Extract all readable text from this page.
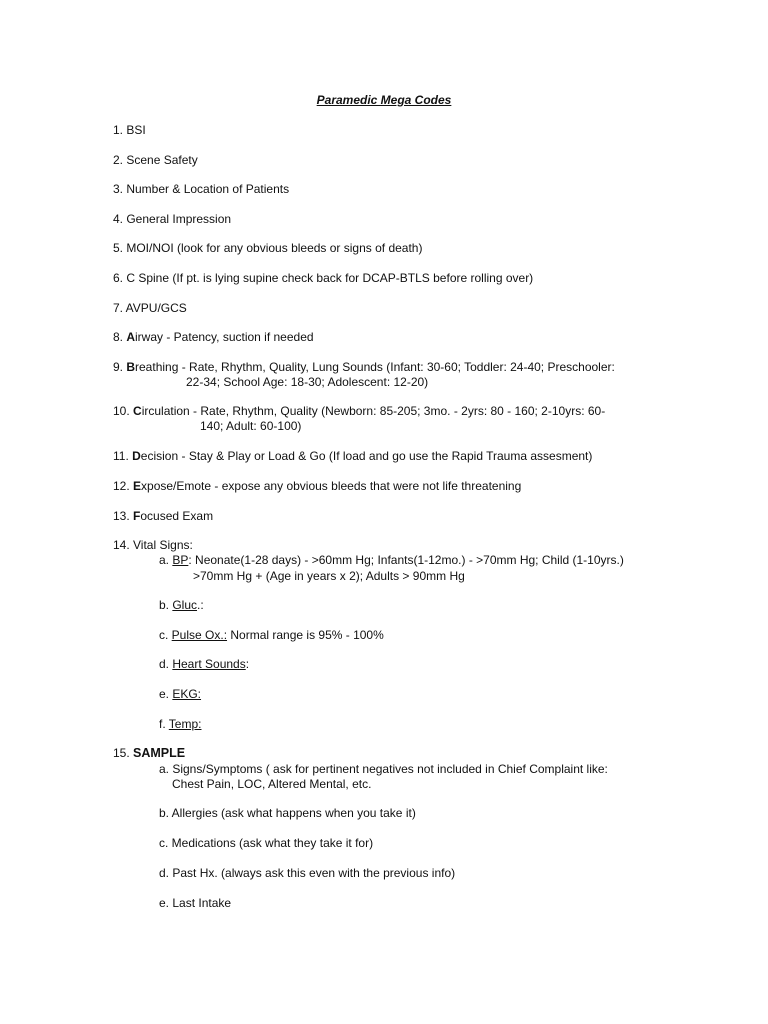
Paramedic Mega Codes
1. BSI
2. Scene Safety
3. Number & Location of Patients
4. General Impression
5. MOI/NOI (look for any obvious bleeds or signs of death)
6. C Spine (If pt. is lying supine check back for DCAP-BTLS before rolling over)
7. AVPU/GCS
8. Airway - Patency, suction if needed
9. Breathing - Rate, Rhythm, Quality, Lung Sounds (Infant: 30-60; Toddler: 24-40; Preschooler:
22-34; School Age: 18-30; Adolescent: 12-20)
10. Circulation - Rate, Rhythm, Quality (Newborn: 85-205; 3mo. - 2yrs: 80 - 160; 2-10yrs: 60-
140; Adult: 60-100)
11. Decision - Stay & Play or Load & Go (If load and go use the Rapid Trauma assesment)
12. Expose/Emote - expose any obvious bleeds that were not life threatening
13. Focused Exam
14. Vital Signs:
a. BP: Neonate(1-28 days) - >60mm Hg; Infants(1-12mo.) - >70mm Hg; Child (1-10yrs.)
>70mm Hg + (Age in years x 2); Adults > 90mm Hg
b. Gluc.:
c. Pulse Ox.: Normal range is 95% - 100%
d. Heart Sounds:
e. EKG:
f. Temp:
15. SAMPLE
a. Signs/Symptoms ( ask for pertinent negatives not included in Chief Complaint like:
Chest Pain, LOC, Altered Mental, etc.
b. Allergies (ask what happens when you take it)
c. Medications (ask what they take it for)
d. Past Hx. (always ask this even with the previous info)
e. Last Intake
